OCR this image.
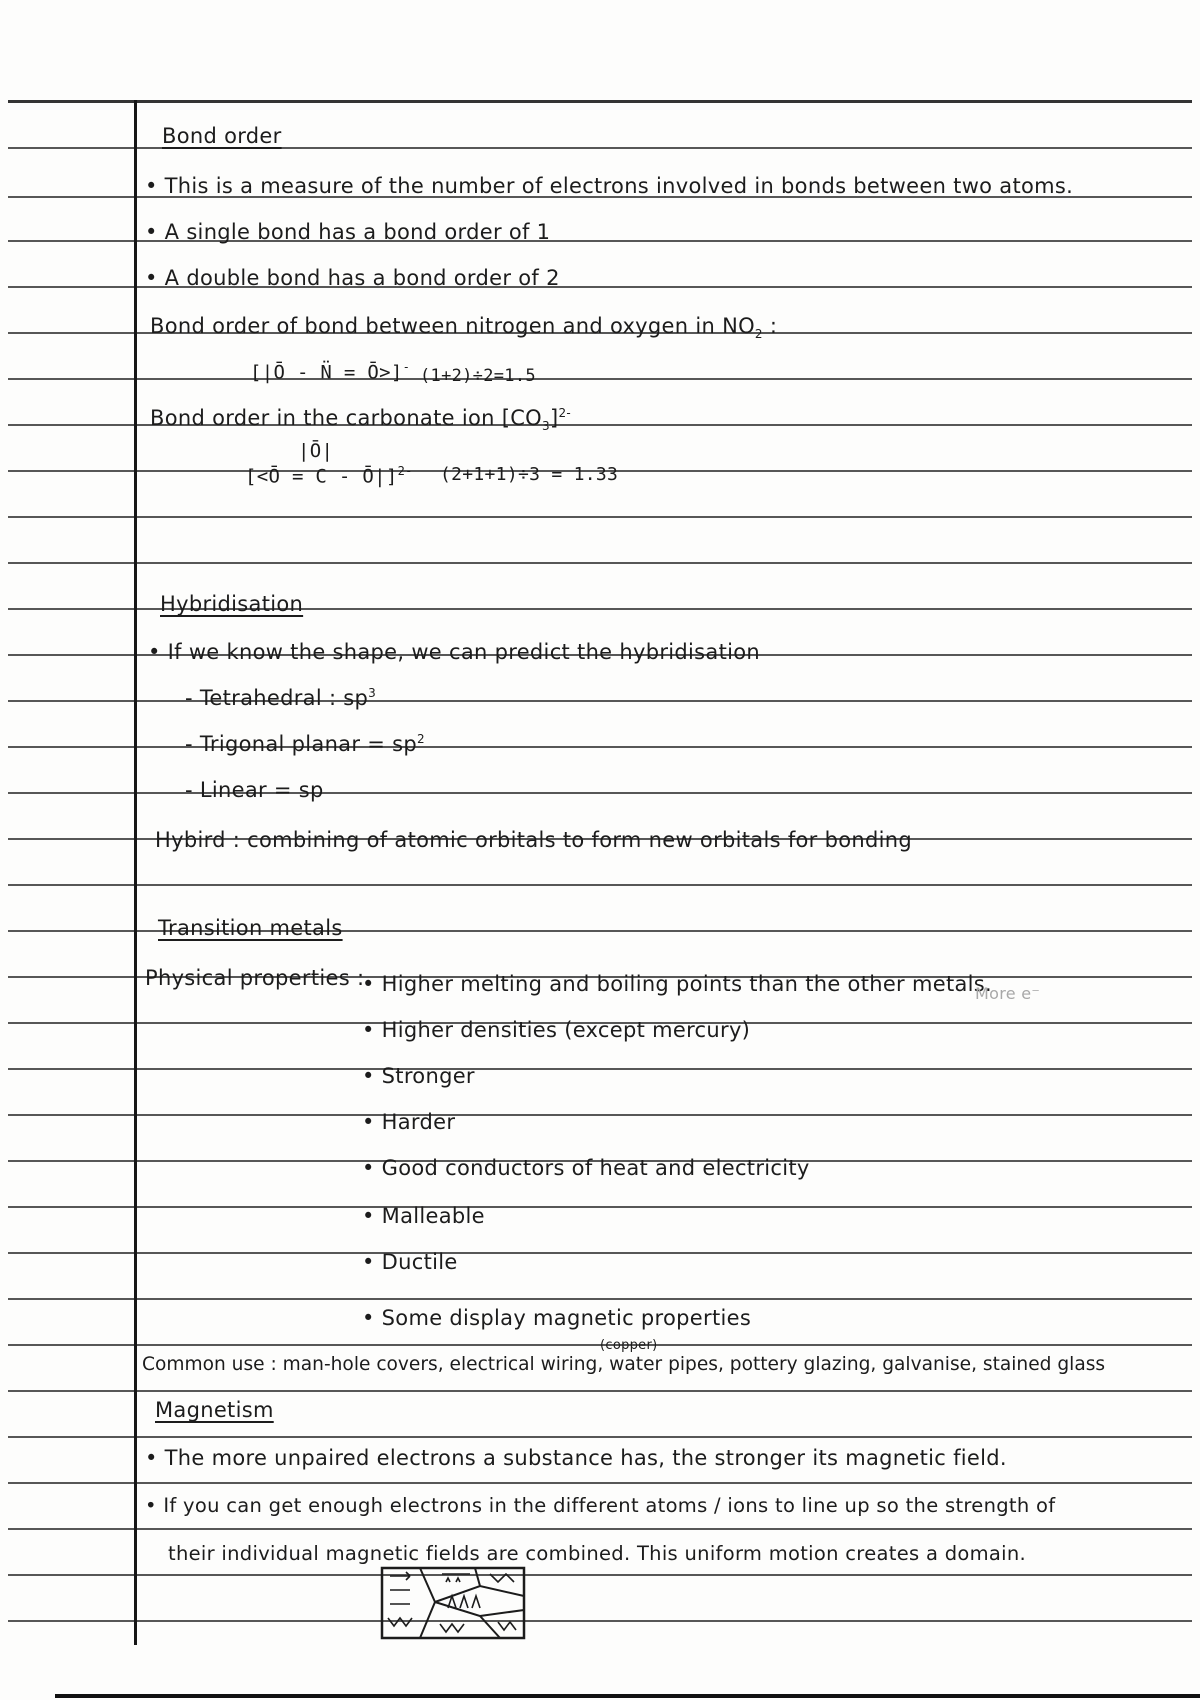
Bond order
• This is a measure of the number of electrons involved in bonds between two atoms.
• A single bond has a bond order of 1
• A double bond has a bond order of 2
Bond order of bond between nitrogen and oxygen in $NO_2$ :
[|Ō - N̈ = Ō>]- (1+2)÷2=1.5
Bond order in the carbonate ion $[CO_3]^{2-}$
|Ō|
[<Ō = C - Ō|]$^{2-}$ (2+1+1)÷3 = 1.33
Hybridisation
• If we know the shape, we can predict the hybridisation
- Tetrahedral : $sp^3$
- Trigonal planar = $sp^2$
- Linear = sp
Hybird : combining of atomic orbitals to form new orbitals for bonding
Transition metals
Physical properties :
• Higher melting and boiling points than the other metals.
More e⁻
• Higher densities (except mercury)
• Stronger
• Harder
• Good conductors of heat and electricity
• Malleable
• Ductile
• Some display magnetic properties
(copper)
Common use : man-hole covers, electrical wiring, water pipes, pottery glazing, galvanise, stained glass
Magnetism
• The more unpaired electrons a substance has, the stronger its magnetic field.
• If you can get enough electrons in the different atoms / ions to line up so the strength of
their individual magnetic fields are combined. This uniform motion creates a domain.
